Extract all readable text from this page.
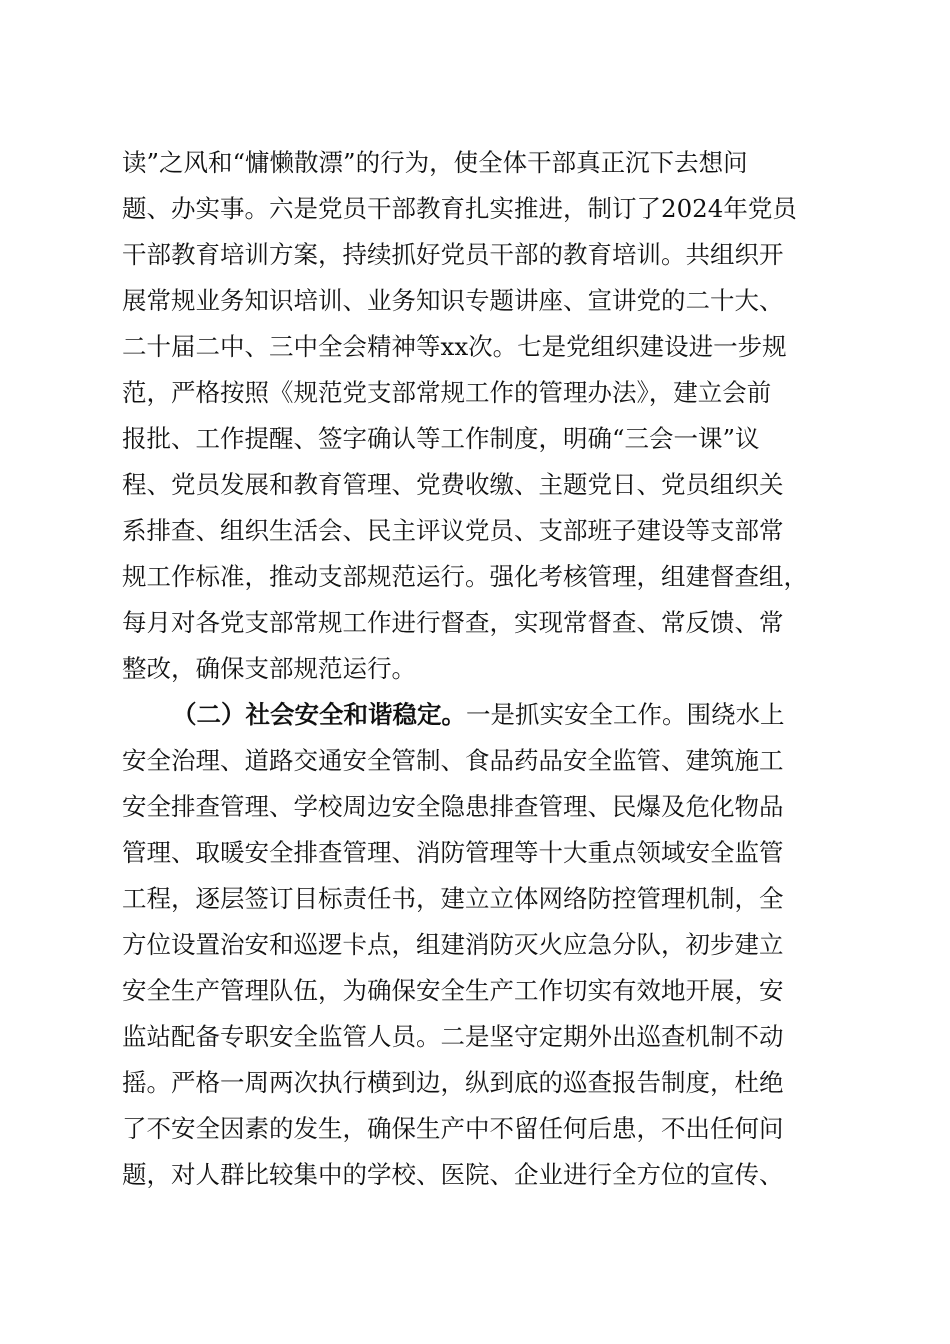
读”之风和“慵懒散漂”的行为，使全体干部真正沉下去想问
题、办实事。六是党员干部教育扎实推进，制订了2024年党员
干部教育培训方案，持续抓好党员干部的教育培训。共组织开
展常规业务知识培训、业务知识专题讲座、宣讲党的二十大、
二十届二中、三中全会精神等xx次。七是党组织建设进一步规
范，严格按照《规范党支部常规工作的管理办法》，建立会前
报批、工作提醒、签字确认等工作制度，明确“三会一课”议
程、党员发展和教育管理、党费收缴、主题党日、党员组织关
系排查、组织生活会、民主评议党员、支部班子建设等支部常
规工作标准，推动支部规范运行。强化考核管理，组建督查组，
每月对各党支部常规工作进行督查，实现常督查、常反馈、常
整改，确保支部规范运行。
（二）社会安全和谐稳定。一是抓实安全工作。围绕水上
安全治理、道路交通安全管制、食品药品安全监管、建筑施工
安全排查管理、学校周边安全隐患排查管理、民爆及危化物品
管理、取暖安全排查管理、消防管理等十大重点领域安全监管
工程，逐层签订目标责任书，建立立体网络防控管理机制，全
方位设置治安和巡逻卡点，组建消防灭火应急分队，初步建立
安全生产管理队伍，为确保安全生产工作切实有效地开展，安
监站配备专职安全监管人员。二是坚守定期外出巡查机制不动
摇。严格一周两次执行横到边，纵到底的巡查报告制度，杜绝
了不安全因素的发生，确保生产中不留任何后患，不出任何问
题，对人群比较集中的学校、医院、企业进行全方位的宣传、
